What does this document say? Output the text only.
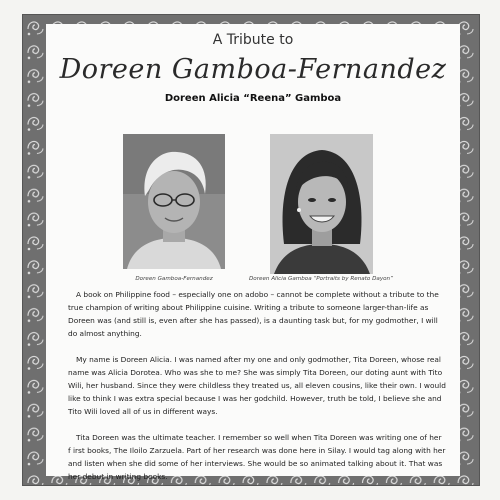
A Tribute to
Doreen Gamboa-Fernandez
Doreen Alicia “Reena” Gamboa
Doreen Gamboa-Fernandez	Doreen Alicia Gamboa “Portraits by Renato Dayon”

A book on Philippine food – especially one on adobo – cannot be complete without a tribute to the true champion of writing about Philippine cuisine. Writing a tribute to someone larger-than-life as Doreen was (and still is, even after she has passed), is a daunting task but, for my godmother, I will do almost anything.

My name is Doreen Alicia. I was named after my one and only godmother, Tita Doreen, whose real name was Alicia Dorotea. Who was she to me? She was simply Tita Doreen, our doting aunt with Tito Wili, her husband. Since they were childless they treated us, all eleven cousins, like their own. I would like to think I was extra special because I was her godchild. However, truth be told, I believe she and Tito Wili loved all of us in different ways.

Tita Doreen was the ultimate teacher. I remember so well when Tita Doreen was writing one of her f irst books, The Iloilo Zarzuela. Part of her research was done here in Silay. I would tag along with her and listen when she did some of her interviews. She would be so animated talking about it. That was her debut in writing books.
